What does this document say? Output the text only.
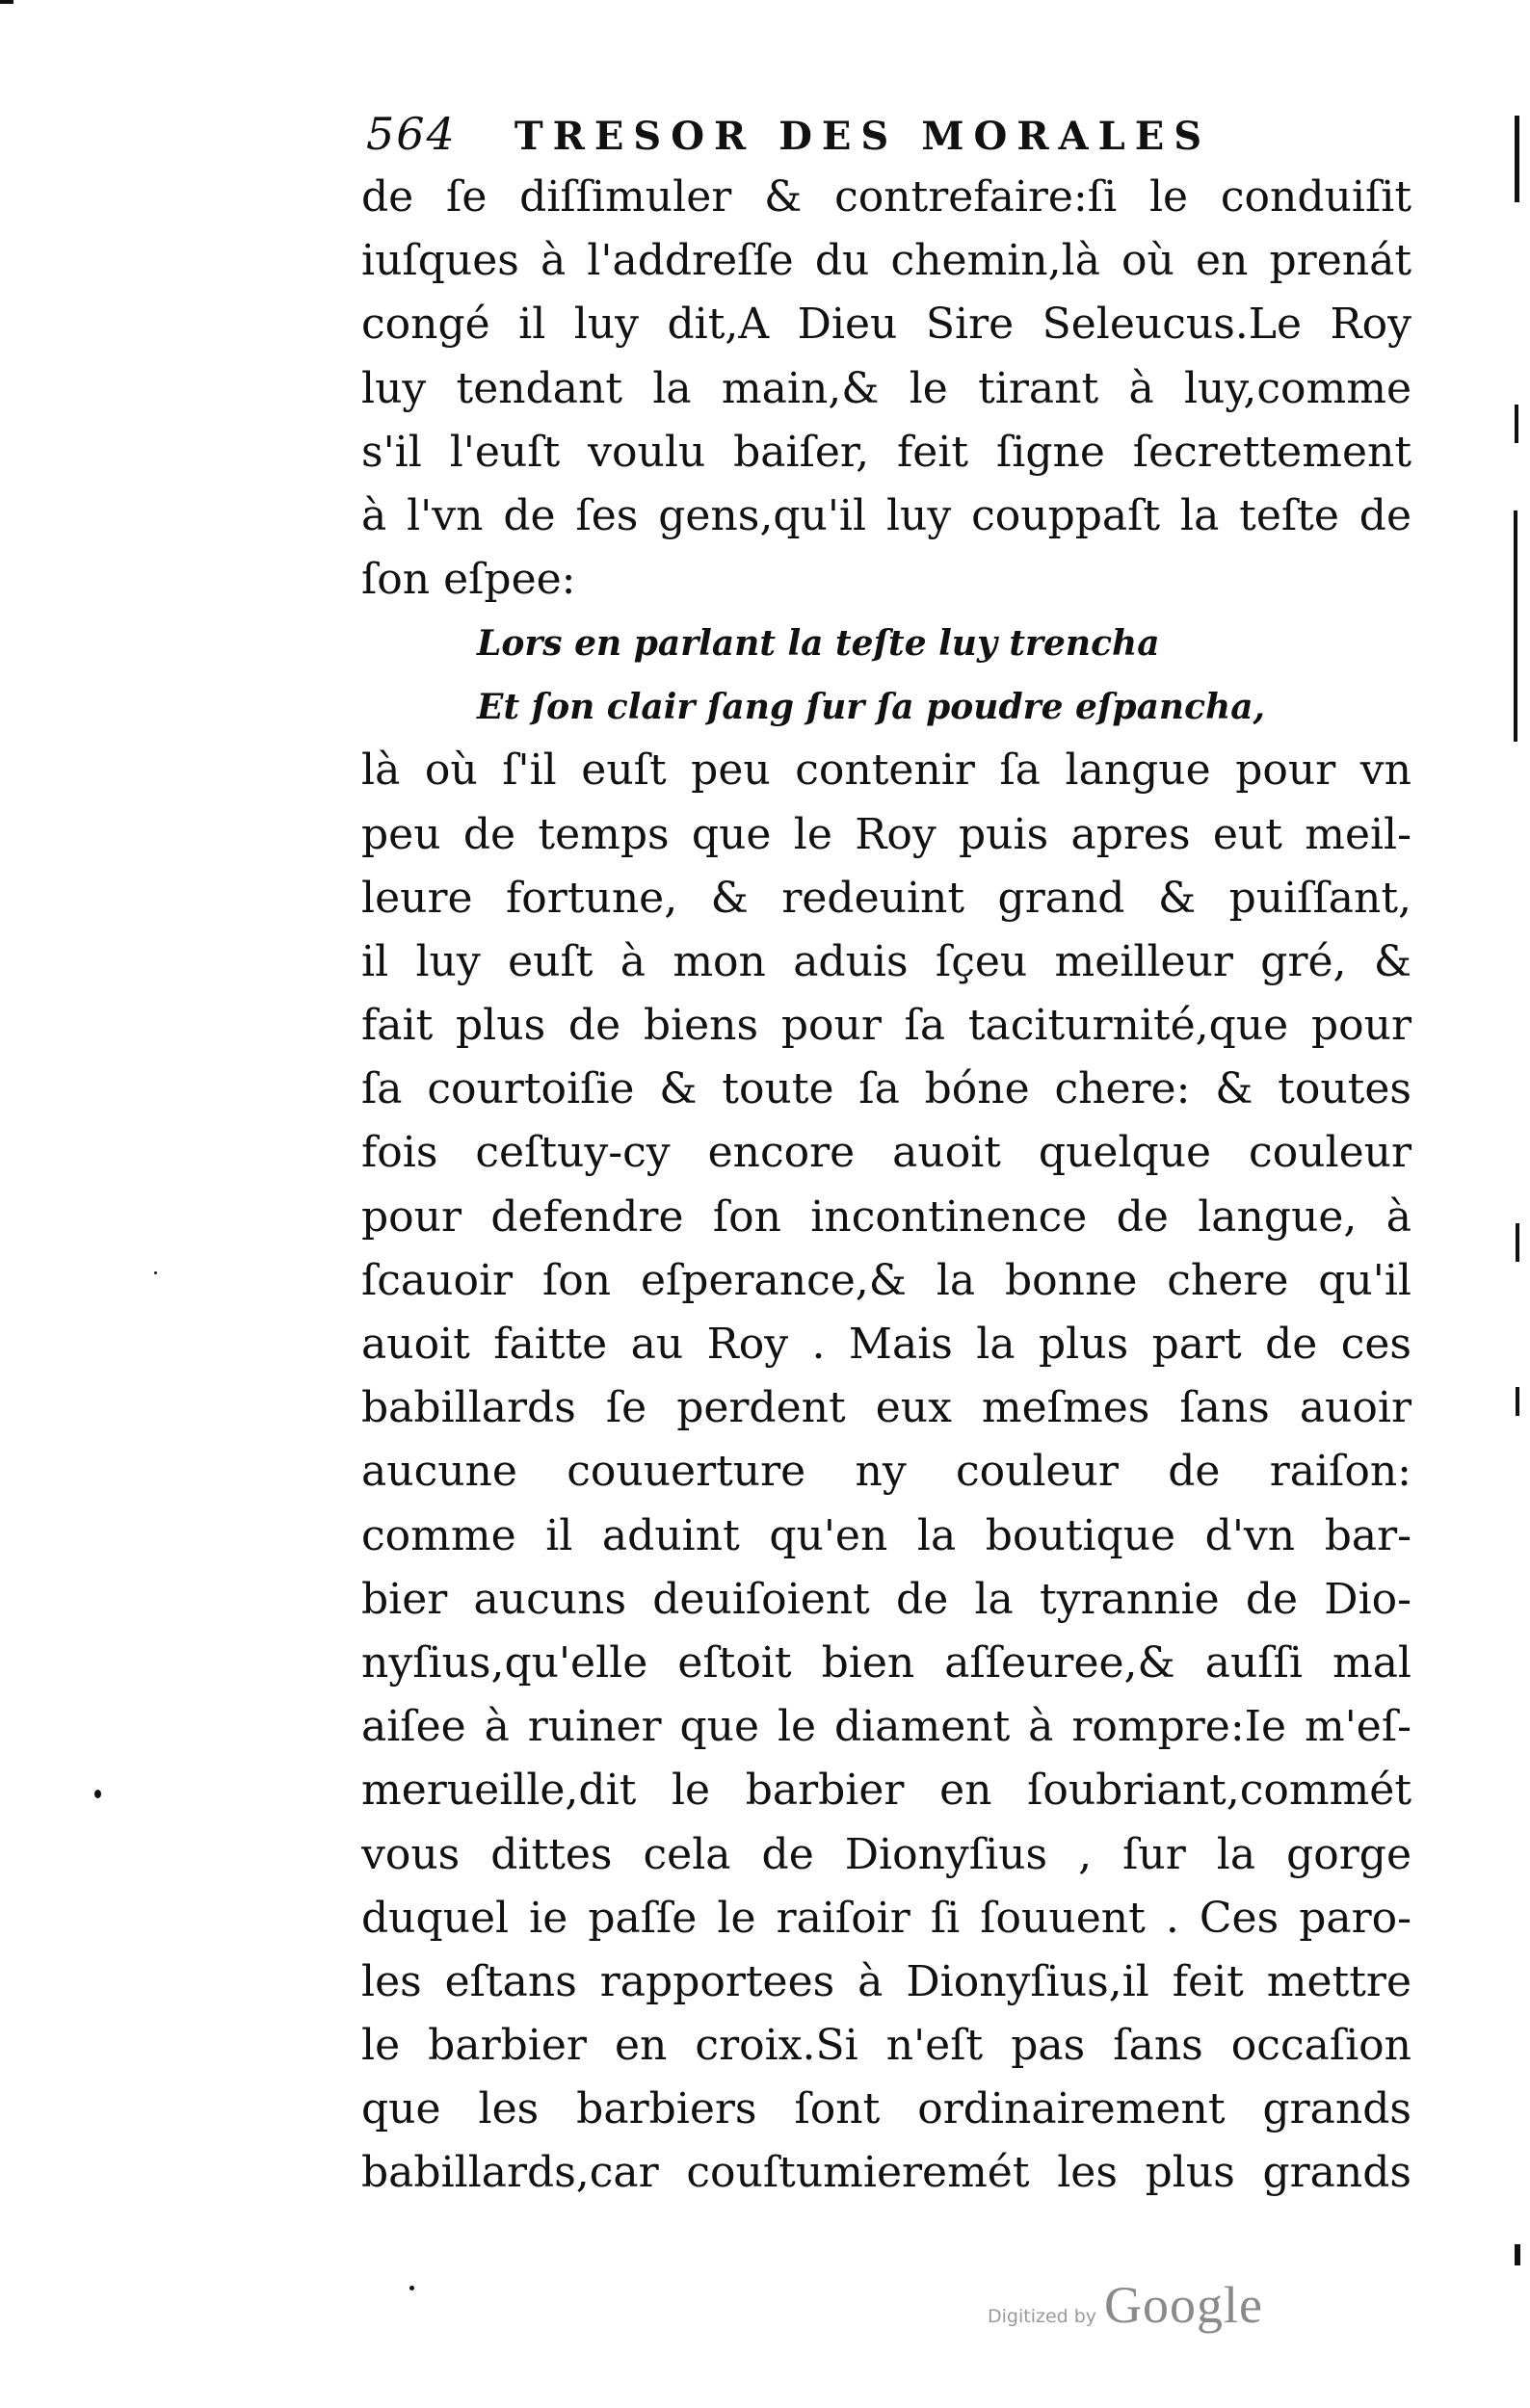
564 TRESOR DES MORALES
de ſe diſſimuler & contrefaire:ſi le conduiſit
iuſques à l'addreſſe du chemin,là où en prenát
congé il luy dit,A Dieu Sire Seleucus.Le Roy
luy tendant la main,& le tirant à luy,comme
s'il l'euſt voulu baiſer, feit ſigne ſecrettement
à l'vn de ſes gens,qu'il luy couppaſt la teſte de
ſon eſpee:
Lors en parlant la teſte luy trencha
Et ſon clair ſang ſur ſa poudre eſpancha,
là où ſ'il euſt peu contenir ſa langue pour vn
peu de temps que le Roy puis apres eut meil-
leure fortune, & redeuint grand & puiſſant,
il luy euſt à mon aduis ſçeu meilleur gré, &
fait plus de biens pour ſa taciturnité,que pour
ſa courtoiſie & toute ſa bóne chere: & toutes
fois ceſtuy-cy encore auoit quelque couleur
pour defendre ſon incontinence de langue, à
ſcauoir ſon eſperance,& la bonne chere qu'il
auoit faitte au Roy . Mais la plus part de ces
babillards ſe perdent eux meſmes ſans auoir
aucune couuerture ny couleur de raiſon:
comme il aduint qu'en la boutique d'vn bar-
bier aucuns deuiſoient de la tyrannie de Dio-
nyſius,qu'elle eſtoit bien aſſeuree,& auſſi mal
aiſee à ruiner que le diament à rompre:Ie m'eſ-
merueille,dit le barbier en ſoubriant,commét
vous dittes cela de Dionyſius , ſur la gorge
duquel ie paſſe le raiſoir ſi ſouuent . Ces paro-
les eſtans rapportees à Dionyſius,il feit mettre
le barbier en croix.Si n'eſt pas ſans occaſion
que les barbiers ſont ordinairement grands
babillards,car couſtumieremét les plus grands
Digitized by Google
